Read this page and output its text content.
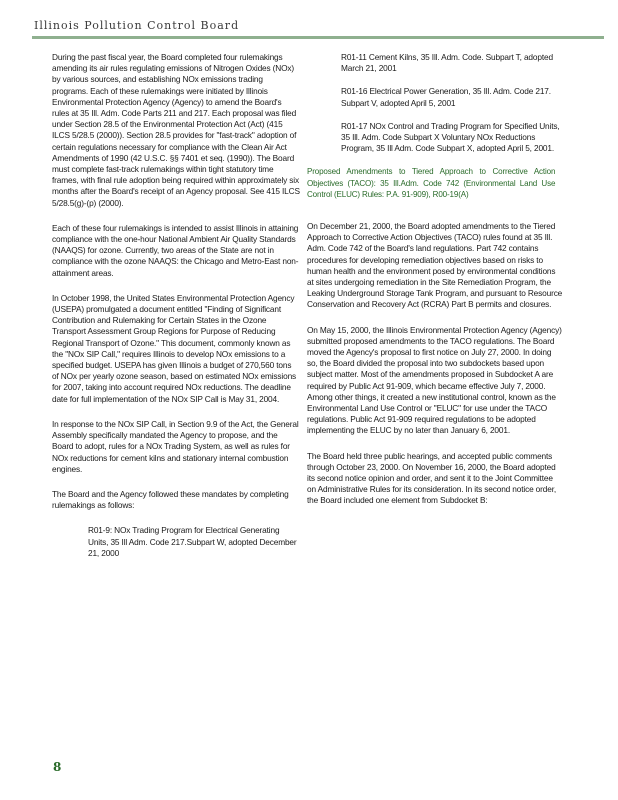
Illinois Pollution Control Board

During the past fiscal year, the Board completed four rulemakings amending its air rules regulating emissions of Nitrogen Oxides (NOx) by various sources, and establishing NOx emissions trading programs. Each of these rulemakings were initiated by Illinois Environmental Protection Agency (Agency) to amend the Board's rules at 35 Ill. Adm. Code Parts 211 and 217. Each proposal was filed under Section 28.5 of the Environmental Protection Act (Act) (415 ILCS 5/28.5 (2000)). Section 28.5 provides for "fast-track" adoption of certain regulations necessary for compliance with the Clean Air Act Amendments of 1990 (42 U.S.C. §§ 7401 et seq. (1990)). The Board must complete fast-track rulemakings within tight statutory time frames, with final rule adoption being required within approximately six months after the Board's receipt of an Agency proposal. See 415 ILCS 5/28.5(g)-(p) (2000).

Each of these four rulemakings is intended to assist Illinois in attaining compliance with the one-hour National Ambient Air Quality Standards (NAAQS) for ozone. Currently, two areas of the State are not in compliance with the ozone NAAQS: the Chicago and Metro-East non-attainment areas.

In October 1998, the United States Environmental Protection Agency (USEPA) promulgated a document entitled "Finding of Significant Contribution and Rulemaking for Certain States in the Ozone Transport Assessment Group Regions for Purpose of Reducing Regional Transport of Ozone." This document, commonly known as the "NOx SIP Call," requires Illinois to develop NOx emissions to a specified budget. USEPA has given Illinois a budget of 270,560 tons of NOx per yearly ozone season, based on estimated NOx emissions for 2007, taking into account required NOx reductions. The deadline date for full implementation of the NOx SIP Call is May 31, 2004.

In response to the NOx SIP Call, in Section 9.9 of the Act, the General Assembly specifically mandated the Agency to propose, and the Board to adopt, rules for a NOx Trading System, as well as rules for NOx reductions for cement kilns and stationary internal combustion engines.

The Board and the Agency followed these mandates by completing rulemakings as follows:

R01-9: NOx Trading Program for Electrical Generating Units, 35 Ill Adm. Code 217.Subpart W, adopted December 21, 2000

R01-11 Cement Kilns, 35 Ill. Adm. Code. Subpart T, adopted March 21, 2001

R01-16 Electrical Power Generation, 35 Ill. Adm. Code 217. Subpart V, adopted April 5, 2001

R01-17 NOx Control and Trading Program for Specified Units, 35 Ill. Adm. Code Subpart X Voluntary NOx Reductions Program, 35 Ill Adm. Code Subpart X, adopted April 5, 2001.

Proposed Amendments to Tiered Approach to Corrective Action Objectives (TACO): 35 Ill.Adm. Code 742 (Environmental Land Use Control (ELUC) Rules: P.A. 91-909), R00-19(A)

On December 21, 2000, the Board adopted amendments to the Tiered Approach to Corrective Action Objectives (TACO) rules found at 35 Ill. Adm. Code 742 of the Board's land regulations. Part 742 contains procedures for developing remediation objectives based on risks to human health and the environment posed by environmental conditions at sites undergoing remediation in the Site Remediation Program, the Leaking Underground Storage Tank Program, and pursuant to Resource Conservation and Recovery Act (RCRA) Part B permits and closures.

On May 15, 2000, the Illinois Environmental Protection Agency (Agency) submitted proposed amendments to the TACO regulations. The Board moved the Agency's proposal to first notice on July 27, 2000. In doing so, the Board divided the proposal into two subdockets based upon subject matter. Most of the amendments proposed in Subdocket A are required by Public Act 91-909, which became effective July 7, 2000. Among other things, it created a new institutional control, known as the Environmental Land Use Control or "ELUC" for use under the TACO regulations. Public Act 91-909 required regulations to be adopted implementing the ELUC by no later than January 6, 2001.

The Board held three public hearings, and accepted public comments through October 23, 2000. On November 16, 2000, the Board adopted its second notice opinion and order, and sent it to the Joint Committee on Administrative Rules for its consideration. In its second notice order, the Board included one element from Subdocket B:

8
